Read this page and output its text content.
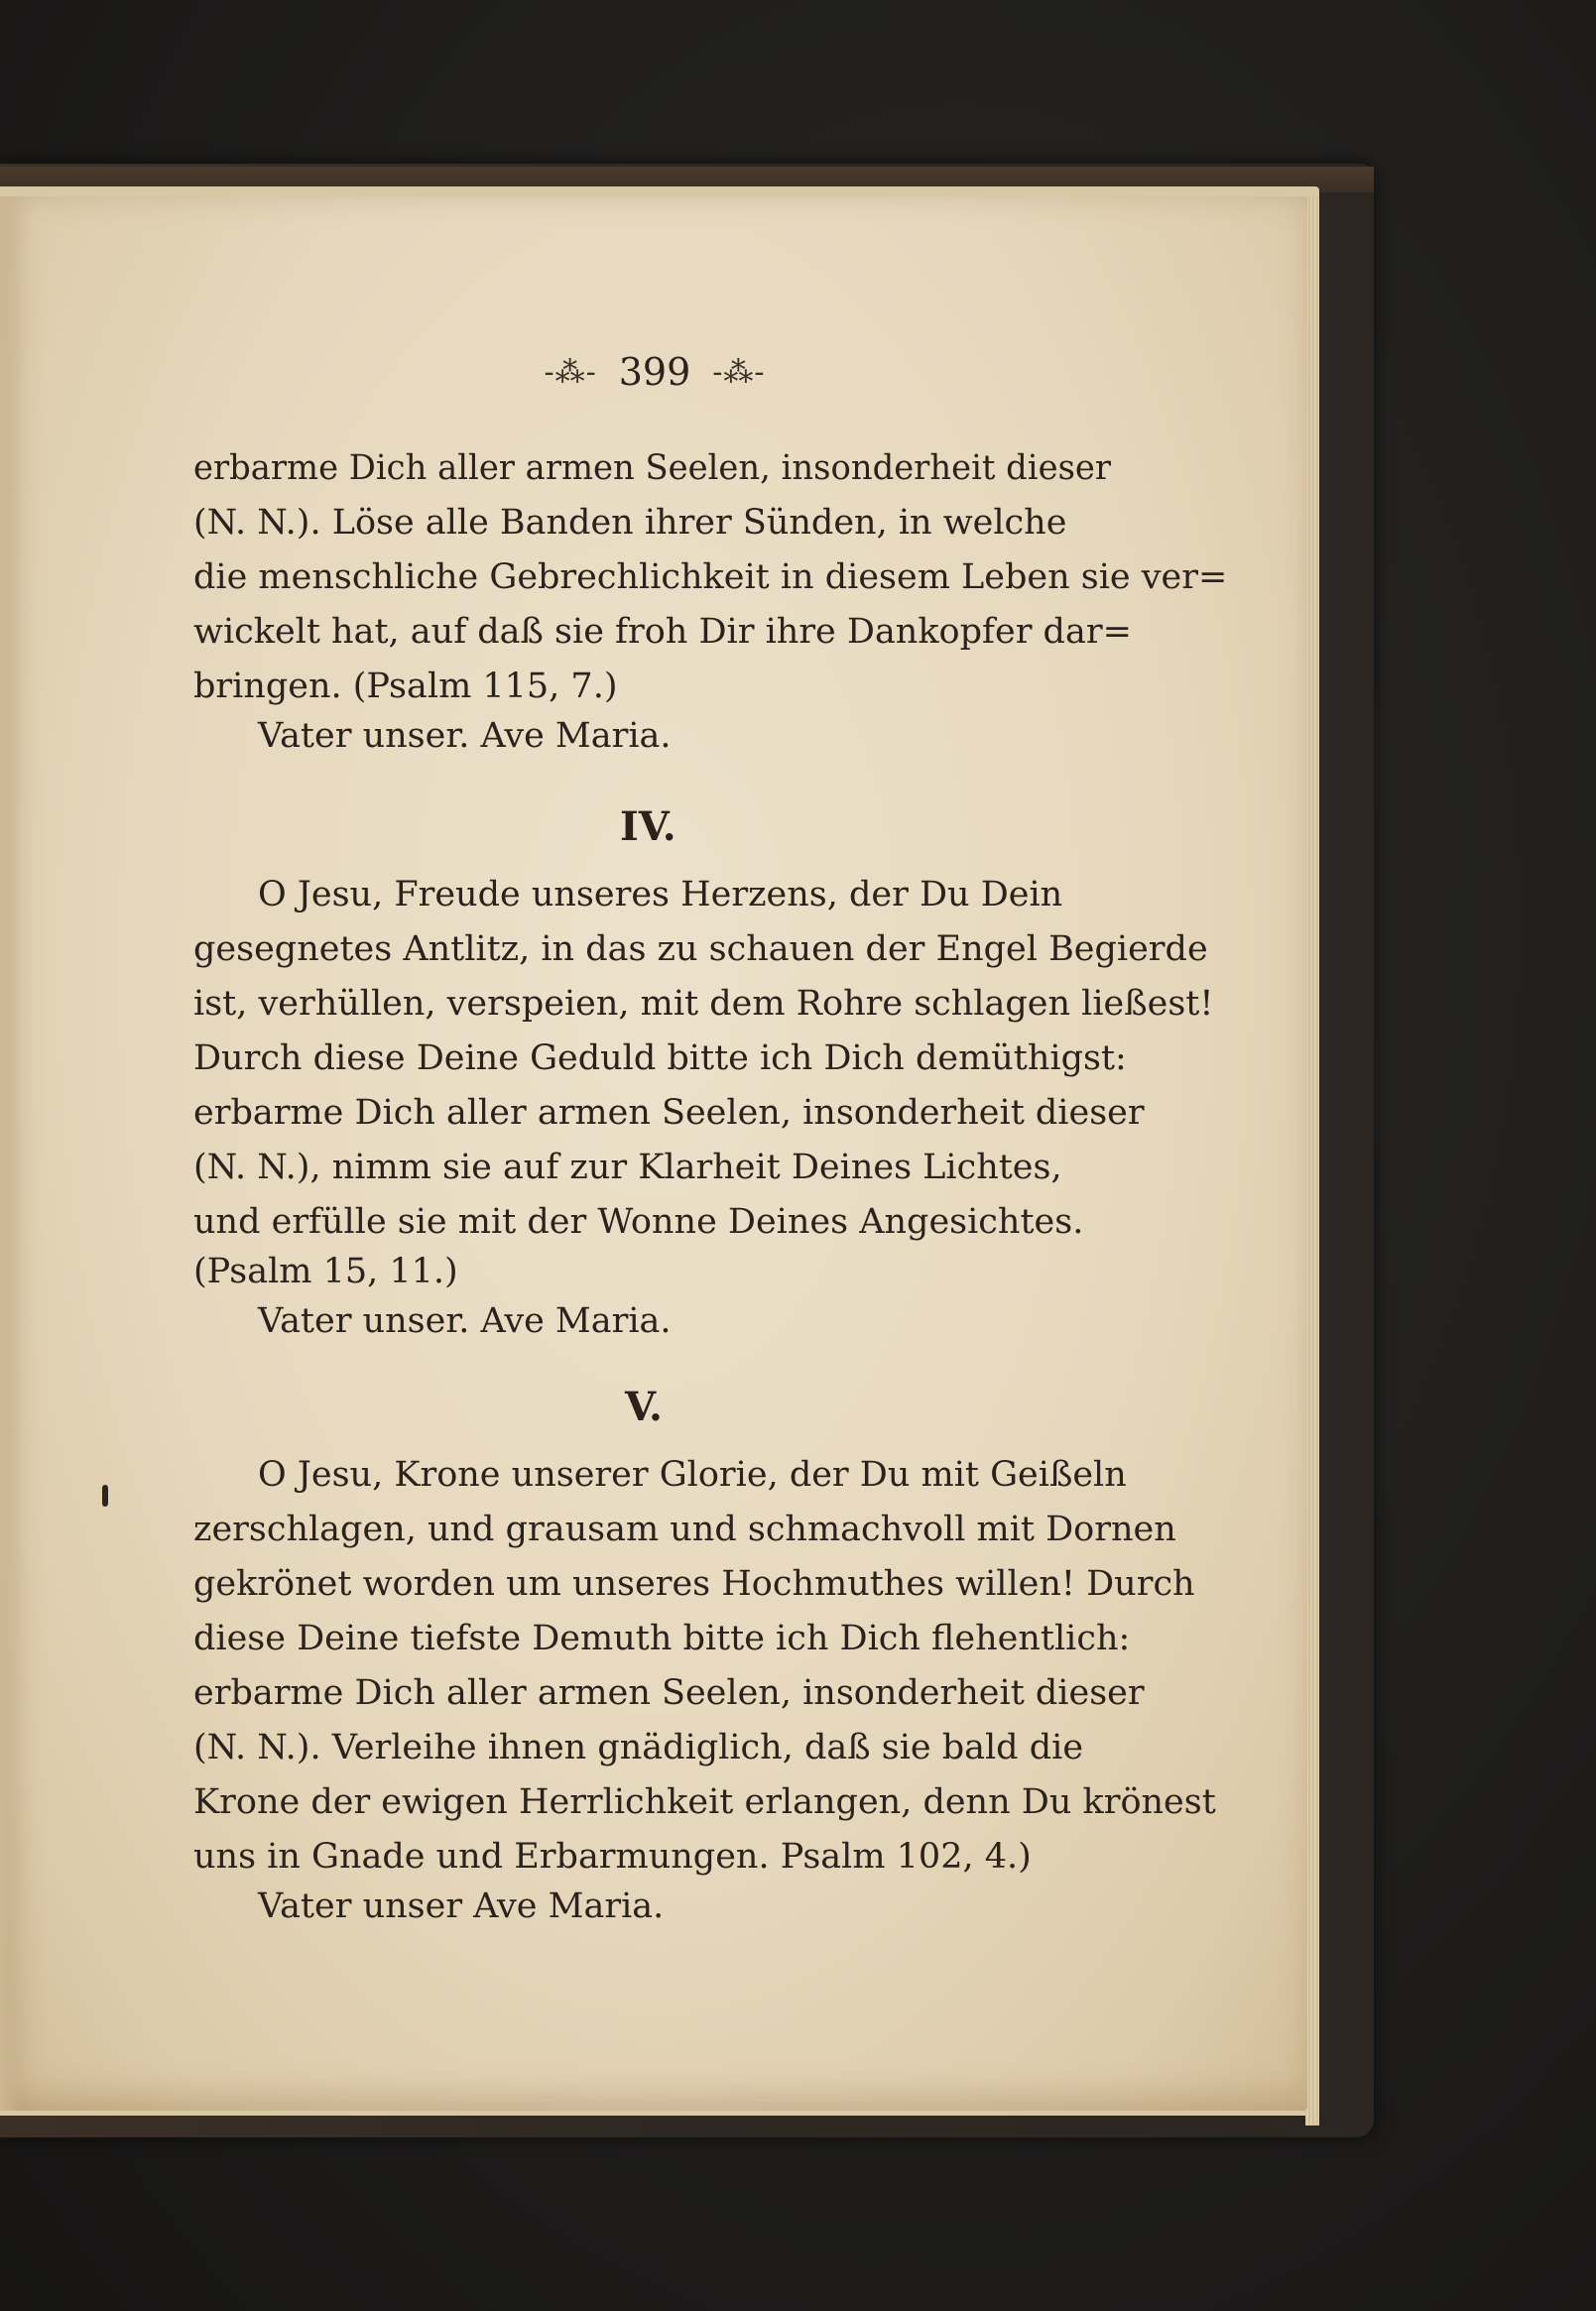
-⁂- 399 -⁂-
erbarme Dich aller armen Seelen, insonderheit dieser
(N. N.). Löse alle Banden ihrer Sünden, in welche
die menschliche Gebrechlichkeit in diesem Leben sie ver=
wickelt hat, auf daß sie froh Dir ihre Dankopfer dar=
bringen. (Psalm 115, 7.)
Vater unser. Ave Maria.
IV.
O Jesu, Freude unseres Herzens, der Du Dein
gesegnetes Antlitz, in das zu schauen der Engel Begierde
ist, verhüllen, verspeien, mit dem Rohre schlagen ließest!
Durch diese Deine Geduld bitte ich Dich demüthigst:
erbarme Dich aller armen Seelen, insonderheit dieser
(N. N.), nimm sie auf zur Klarheit Deines Lichtes,
und erfülle sie mit der Wonne Deines Angesichtes.
(Psalm 15, 11.)
Vater unser. Ave Maria.
V.
O Jesu, Krone unserer Glorie, der Du mit Geißeln
zerschlagen, und grausam und schmachvoll mit Dornen
gekrönet worden um unseres Hochmuthes willen! Durch
diese Deine tiefste Demuth bitte ich Dich flehentlich:
erbarme Dich aller armen Seelen, insonderheit dieser
(N. N.). Verleihe ihnen gnädiglich, daß sie bald die
Krone der ewigen Herrlichkeit erlangen, denn Du krönest
uns in Gnade und Erbarmungen. Psalm 102, 4.)
Vater unser Ave Maria.
